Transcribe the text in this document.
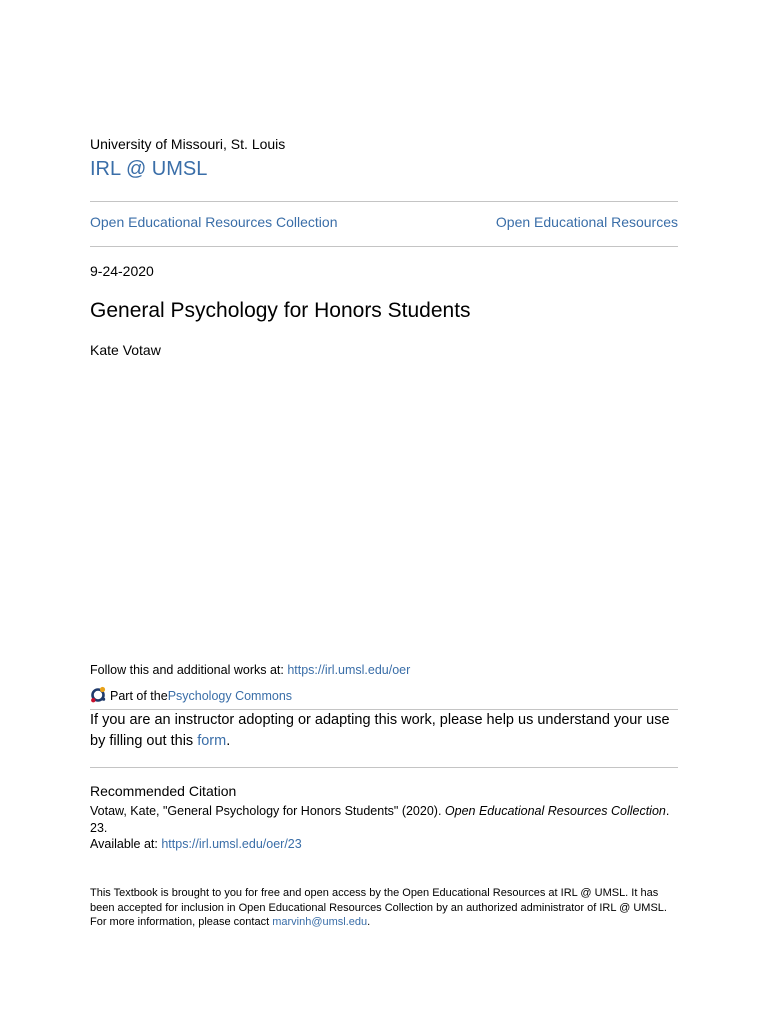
University of Missouri, St. Louis
IRL @ UMSL
Open Educational Resources Collection	Open Educational Resources
9-24-2020
General Psychology for Honors Students
Kate Votaw
Follow this and additional works at: https://irl.umsl.edu/oer
Part of the Psychology Commons
If you are an instructor adopting or adapting this work, please help us understand your use by filling out this form.
Recommended Citation
Votaw, Kate, "General Psychology for Honors Students" (2020). Open Educational Resources Collection. 23.
Available at: https://irl.umsl.edu/oer/23
This Textbook is brought to you for free and open access by the Open Educational Resources at IRL @ UMSL. It has been accepted for inclusion in Open Educational Resources Collection by an authorized administrator of IRL @ UMSL. For more information, please contact marvinh@umsl.edu.
